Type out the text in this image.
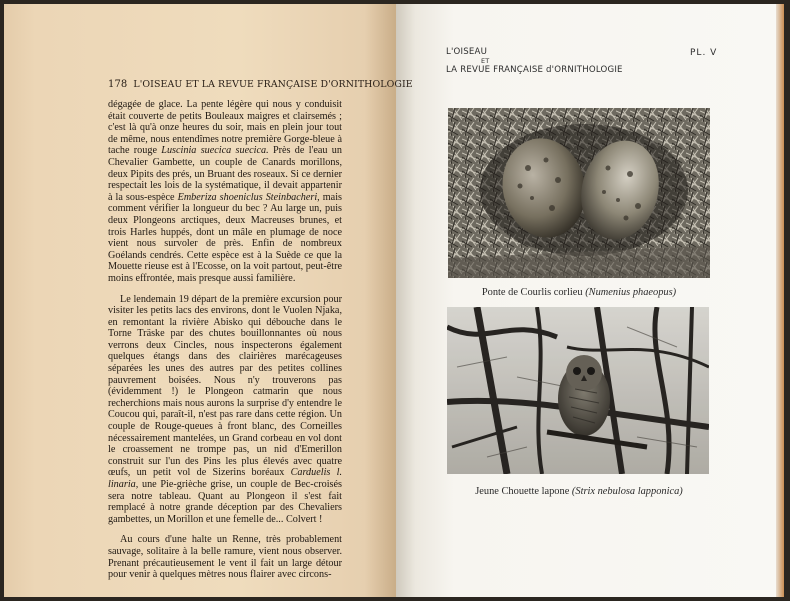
178 L'OISEAU ET LA REVUE FRANÇAISE D'ORNITHOLOGIE

dégagée de glace. La pente légère qui nous y conduisit était couverte de petits Bouleaux maigres et clairsemés ; c'est là qu'à onze heures du soir, mais en plein jour tout de même, nous entendîmes notre première Gorge-bleue à tache rouge Luscinia suecica suecica. Près de l'eau un Chevalier Gambette, un couple de Canards morillons, deux Pipits des prés, un Bruant des roseaux. Si ce dernier respectait les lois de la systématique, il devait appartenir à la sous-espèce Emberiza shoeniclus Steinbacheri, mais comment vérifier la longueur du bec ? Au large un, puis deux Plongeons arctiques, deux Macreuses brunes, et trois Harles huppés, dont un mâle en plumage de noce vient nous survoler de près. Enfin de nombreux Goélands cendrés. Cette espèce est à la Suède ce que la Mouette rieuse est à l'Ecosse, on la voit partout, peut-être moins effrontée, mais presque aussi familière.

Le lendemain 19 départ de la première excursion pour visiter les petits lacs des environs, dont le Vuolen Njaka, en remontant la rivière Abisko qui débouche dans le Torne Träske par des chutes bouillonnantes où nous verrons deux Cincles, nous inspecterons également quelques étangs dans des clairières marécageuses séparées les unes des autres par des petites collines pauvrement boisées. Nous n'y trouverons pas (évidemment !) le Plongeon catmarin que nous recherchions mais nous aurons la surprise d'y entendre le Coucou qui, paraît-il, n'est pas rare dans cette région. Un couple de Rouge-queues à front blanc, des Corneilles nécessairement mantelées, un Grand corbeau en vol dont le croassement ne trompe pas, un nid d'Emerillon construit sur l'un des Pins les plus élevés avec quatre œufs, un petit vol de Sizerins boréaux Carduelis l. linaria, une Pie-grièche grise, un couple de Bec-croisés sera notre tableau. Quant au Plongeon il s'est fait remplacé à notre grande déception par des Chevaliers gambettes, un Morillon et une femelle de... Colvert !

Au cours d'une halte un Renne, très probablement sauvage, solitaire à la belle ramure, vient nous observer. Prenant précautieusement le vent il fait un large détour pour venir à quelques mètres nous flairer avec circons-

L'OISEAU
ET
LA REVUE FRANÇAISE d'ORNITHOLOGIE
PL. V
Ponte de Courlis corlieu (Numenius phaeopus)
Jeune Chouette lapone (Strix nebulosa lapponica)
